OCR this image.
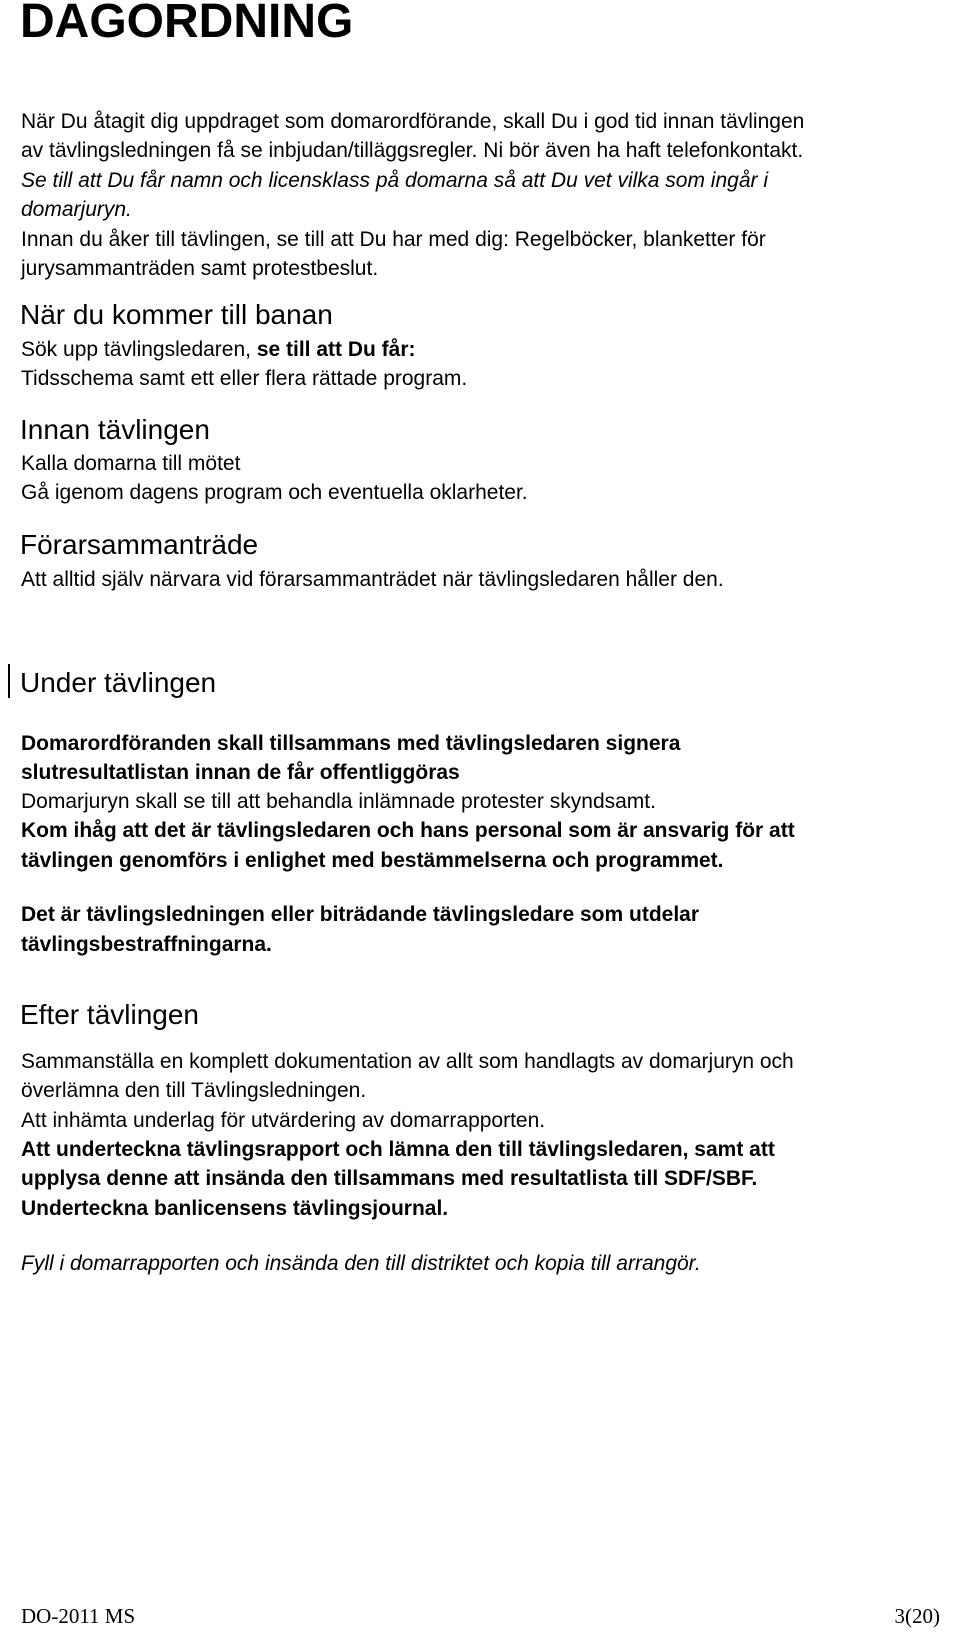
DAGORDNING

När Du åtagit dig uppdraget som domarordförande, skall Du i god tid innan tävlingen

av tävlingsledningen få se inbjudan/tilläggsregler. Ni bör även ha haft telefonkontakt.

Se till att Du får namn och licensklass på domarna så att Du vet vilka som ingår i

domarjuryn.

Innan du åker till tävlingen, se till att Du har med dig: Regelböcker, blanketter för

jurysammanträden samt protestbeslut.

När du kommer till banan

Sök upp tävlingsledaren, se till att Du får:

Tidsschema samt ett eller flera rättade program.

Innan tävlingen

Kalla domarna till mötet

Gå igenom dagens program och eventuella oklarheter.

Förarsammanträde

Att alltid själv närvara vid förarsammanträdet när tävlingsledaren håller den.

Under tävlingen

Domarordföranden skall tillsammans med tävlingsledaren signera

slutresultatlistan innan de får offentliggöras

Domarjuryn skall se till att behandla inlämnade protester skyndsamt.

Kom ihåg att det är tävlingsledaren och hans personal som är ansvarig för att

tävlingen genomförs i enlighet med bestämmelserna och programmet.

Det är tävlingsledningen eller biträdande tävlingsledare som utdelar

tävlingsbestraffningarna.

Efter tävlingen

Sammanställa en komplett dokumentation av allt som handlagts av domarjuryn och

överlämna den till Tävlingsledningen.

Att inhämta underlag för utvärdering av domarrapporten.

Att underteckna tävlingsrapport och lämna den till tävlingsledaren, samt att

upplysa denne att insända den tillsammans med resultatlista till SDF/SBF.

Underteckna banlicensens tävlingsjournal.

Fyll i domarrapporten och insända den till distriktet och kopia till arrangör.

DO-2011 MS	3(20)
